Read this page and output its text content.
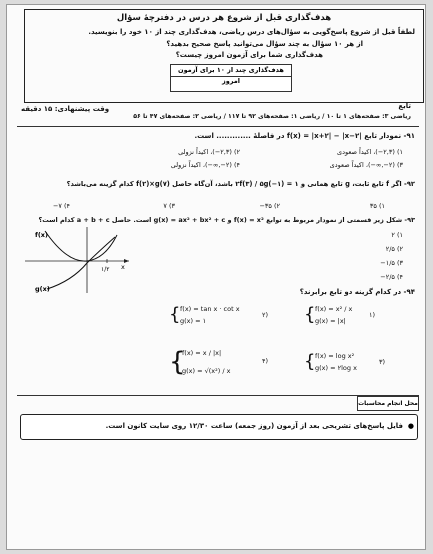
هدف‌گذاری قبل از شروع هر درس در دفترچهٔ سؤال
لطفاً قبل از شروع پاسخ‌گویی به سؤال‌های درس ریاضی، هدف‌گذاری چند از ۱۰ خود را بنویسید.
از هر ۱۰ سؤال به چند سؤال می‌توانید پاسخ صحیح بدهید؟
هدف‌گذاری شما برای آزمون امروز چیست؟
هدف‌گذاری چند از ۱۰ برای آزمون امروز
تابع
وقت پیشنهادی: ۱۵ دقیقه
ریاضی ۳: صفحه‌های ۱ تا ۱۰ / ریاضی ۱: صفحه‌های ۹۲ تا ۱۱۷ / ریاضی ۲: صفحه‌های ۴۷ تا ۵۶
۹۱- نمودار تابع |f(x) = |x+۲| − |x−۲ در فاصلهٔ ............. است.
۱) (۲,۳−)، اکیداً صعودی
۲) (۲,۳−)، اکیداً نزولی
۳) (۲−,∞−)، اکیداً صعودی
۴) (۲−,∞−)، اکیداً نزولی
۹۲- اگر f تابع ثابت، g تابع همانی و ۱ = ۲f(۳) / ۵g(−۱) باشد، آن‌گاه حاصل f(۲)×g(۷) کدام گزینه می‌باشد؟
۱) ۳۵
۲) ۳۵−
۳) ۷
۴) ۷−
۹۳- شکل زیر قسمتی از نمودار مربوط به توابع f(x) = x² و g(x) = ax² + bx² + c است. حاصل a + b + c کدام است؟
۱) ۲
۲) ۲/۵
۳) ۱/۵−
۴) ۲/۵−
f(x)
g(x)
x
۱/۲
۹۴- در کدام گزینه دو تابع برابرند؟
{ f(x) = x² / x
g(x) = |x|
۱)
{ f(x) = tan x · cot x
g(x) = ۱
۲)
{ f(x) = log x²
g(x) = ۲log x
۳)
{
f(x) = x / |x|
g(x) = √(x²) / x
۴)
محل انجام محاسبات
●
فایل پاسخ‌های تشریحی بعد از آزمون (روز جمعه) ساعت ۱۲/۳۰ روی سایت کانون است.
